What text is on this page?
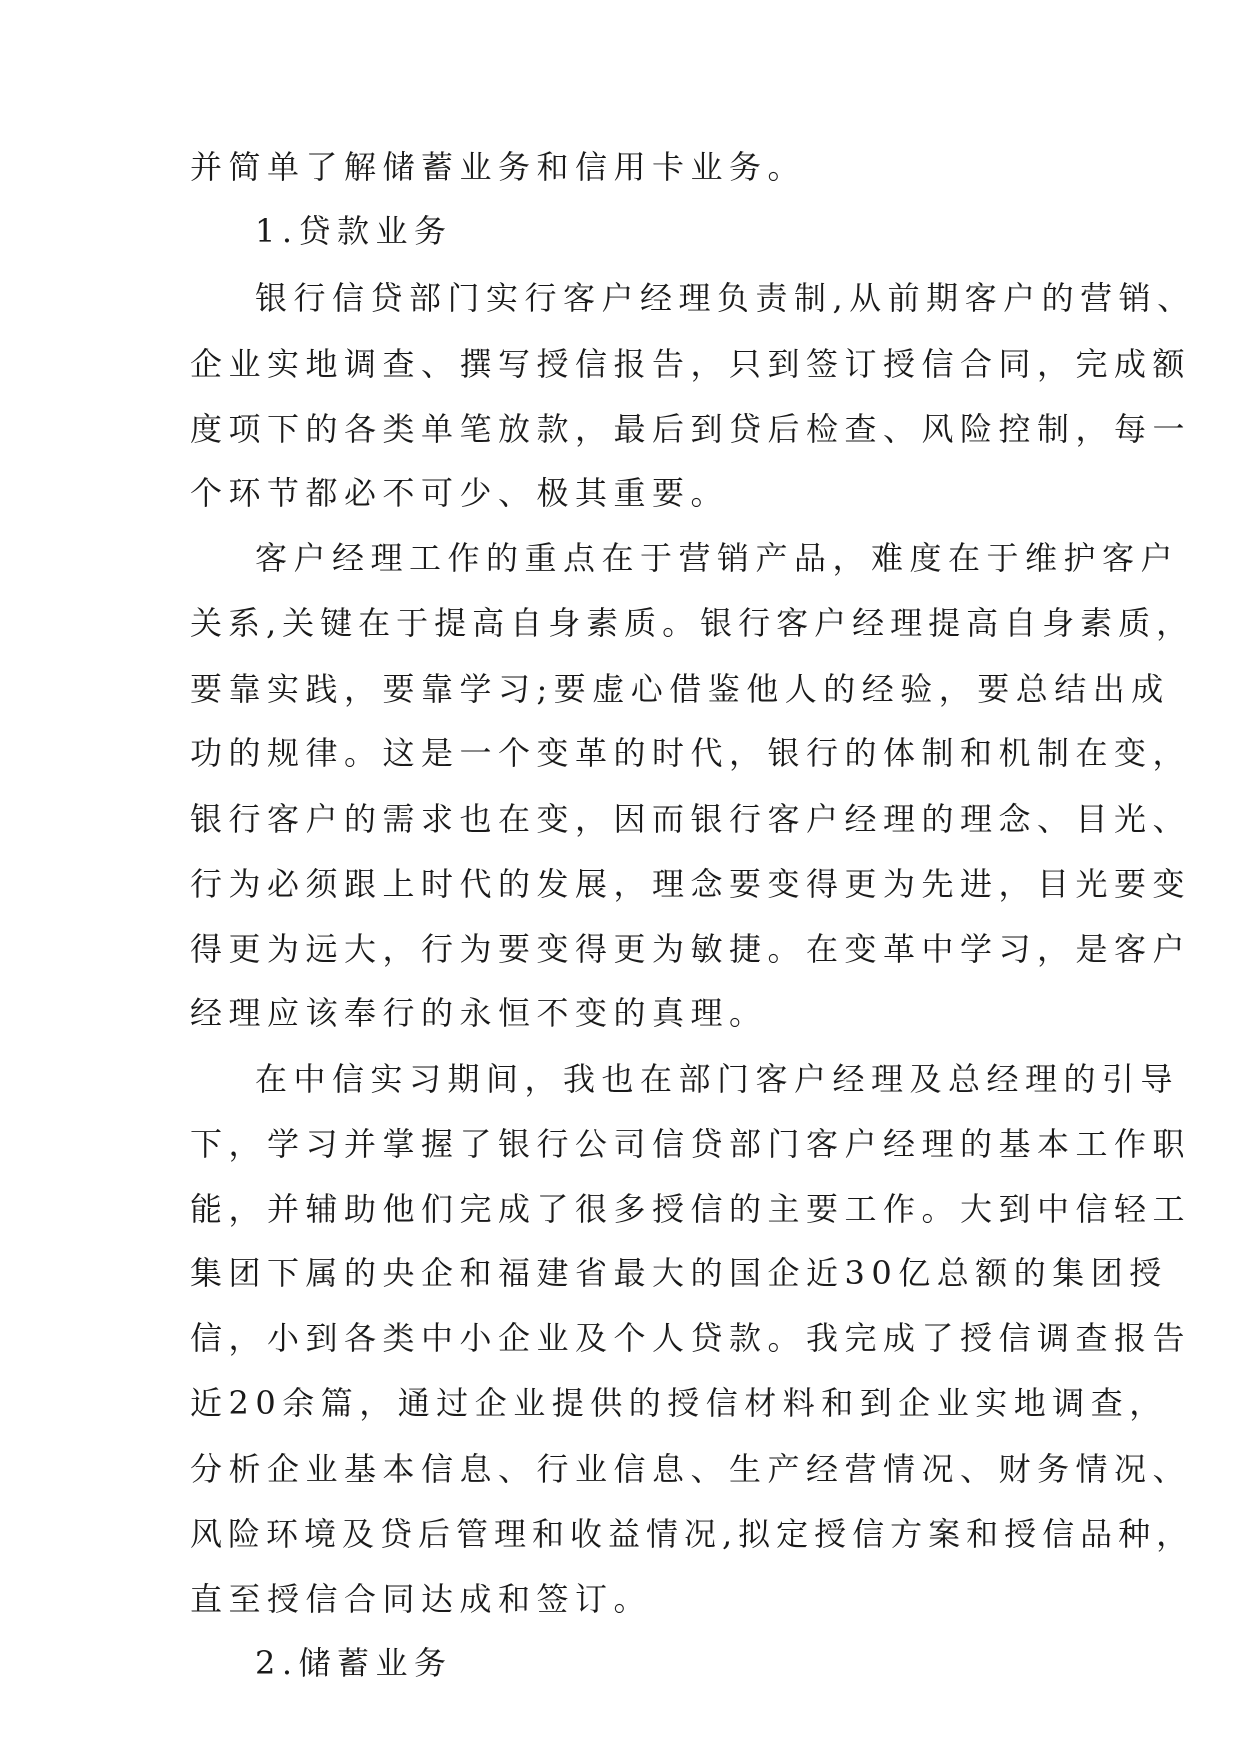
并简单了解储蓄业务和信用卡业务。
1.贷款业务
银行信贷部门实行客户经理负责制,从前期客户的营销、
企业实地调查、撰写授信报告，只到签订授信合同，完成额
度项下的各类单笔放款，最后到贷后检查、风险控制，每一
个环节都必不可少、极其重要。
客户经理工作的重点在于营销产品，难度在于维护客户
关系,关键在于提高自身素质。银行客户经理提高自身素质，
要靠实践，要靠学习;要虚心借鉴他人的经验，要总结出成
功的规律。这是一个变革的时代，银行的体制和机制在变，
银行客户的需求也在变，因而银行客户经理的理念、目光、
行为必须跟上时代的发展，理念要变得更为先进，目光要变
得更为远大，行为要变得更为敏捷。在变革中学习，是客户
经理应该奉行的永恒不变的真理。
在中信实习期间，我也在部门客户经理及总经理的引导
下，学习并掌握了银行公司信贷部门客户经理的基本工作职
能，并辅助他们完成了很多授信的主要工作。大到中信轻工
集团下属的央企和福建省最大的国企近30亿总额的集团授
信，小到各类中小企业及个人贷款。我完成了授信调查报告
近20余篇，通过企业提供的授信材料和到企业实地调查，
分析企业基本信息、行业信息、生产经营情况、财务情况、
风险环境及贷后管理和收益情况,拟定授信方案和授信品种，
直至授信合同达成和签订。
2.储蓄业务
